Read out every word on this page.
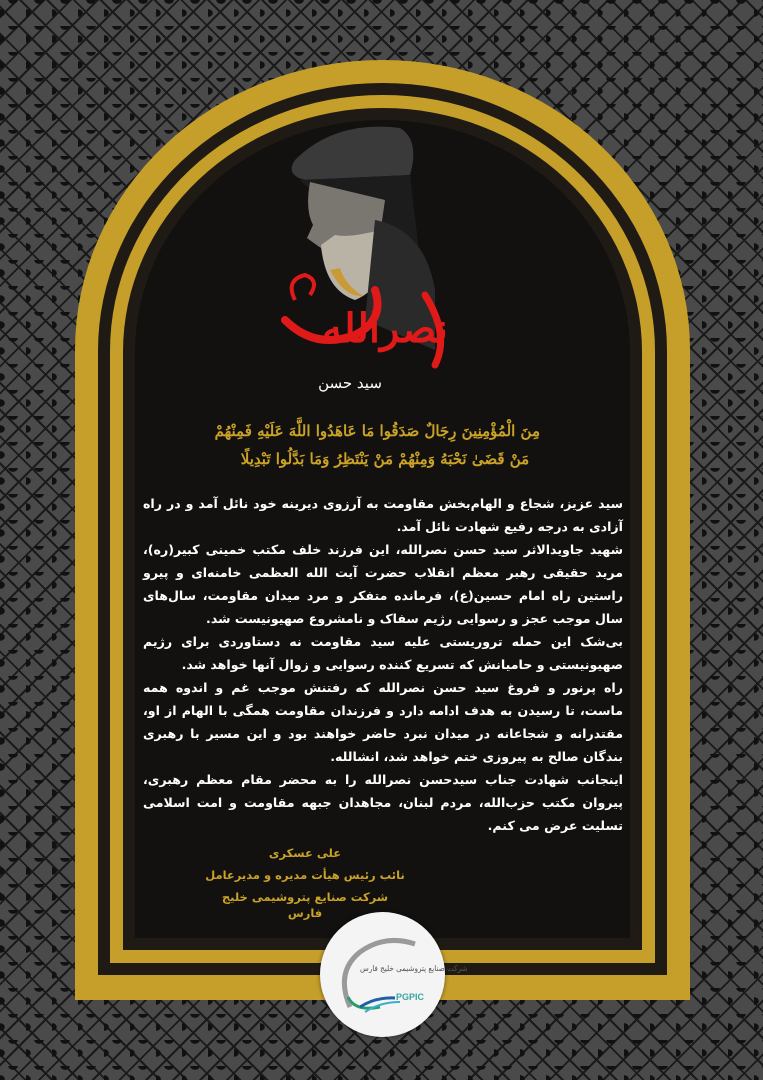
نصرالله
سید حسن
مِنَ الْمُؤْمِنِينَ رِجَالٌ صَدَقُوا مَا عَاهَدُوا اللَّهَ عَلَيْهِ فَمِنْهُمْ
مَنْ قَضَىٰ نَحْبَهُ وَمِنْهُمْ مَنْ يَنْتَظِرُ وَمَا بَدَّلُوا تَبْدِيلًا

سید عزیز، شجاع و الهام‌بخش مقاومت به آرزوی دیرینه خود نائل آمد و در راه آزادی به درجه رفیع شهادت نائل آمد.

شهید جاویدالاثر سید حسن نصرالله، این فرزند خلف مکتب خمینی کبیر(ره)، مرید حقیقی رهبر معظم انقلاب حضرت آیت الله العظمی خامنه‌ای و پیرو راستین راه امام حسین(ع)، فرمانده متفکر و مرد میدان مقاومت، سال‌های سال موجب عجز و رسوایی رژیم سفاک و نامشروع صهیونیست شد.

بی‌شک این حمله تروریستی علیه سید مقاومت نه دستاوردی برای رژیم صهیونیستی و حامیانش که تسریع کننده رسوایی و زوال آنها خواهد شد.

راه پرنور و فروغ سید حسن نصرالله که رفتنش موجب غم و اندوه همه ماست، تا رسیدن به هدف ادامه دارد و فرزندان مقاومت همگی با الهام از او، مقتدرانه و شجاعانه در میدان نبرد حاضر خواهند بود و این مسیر با رهبری بندگان صالح به پیروزی ختم خواهد شد، انشالله.

اینجانب شهادت جناب سیدحسن نصرالله را به محضر مقام معظم رهبری، پیروان مکتب حزب‌الله، مردم لبنان، مجاهدان جبهه مقاومت و امت اسلامی تسلیت عرض می کنم.

علی عسکری
نائب رئیس هیأت مدیره و مدیرعامل
شرکت صنایع پتروشیمی خلیج فارس
شرکت صنایع پتروشیمی خلیج فارس
PGPIC
